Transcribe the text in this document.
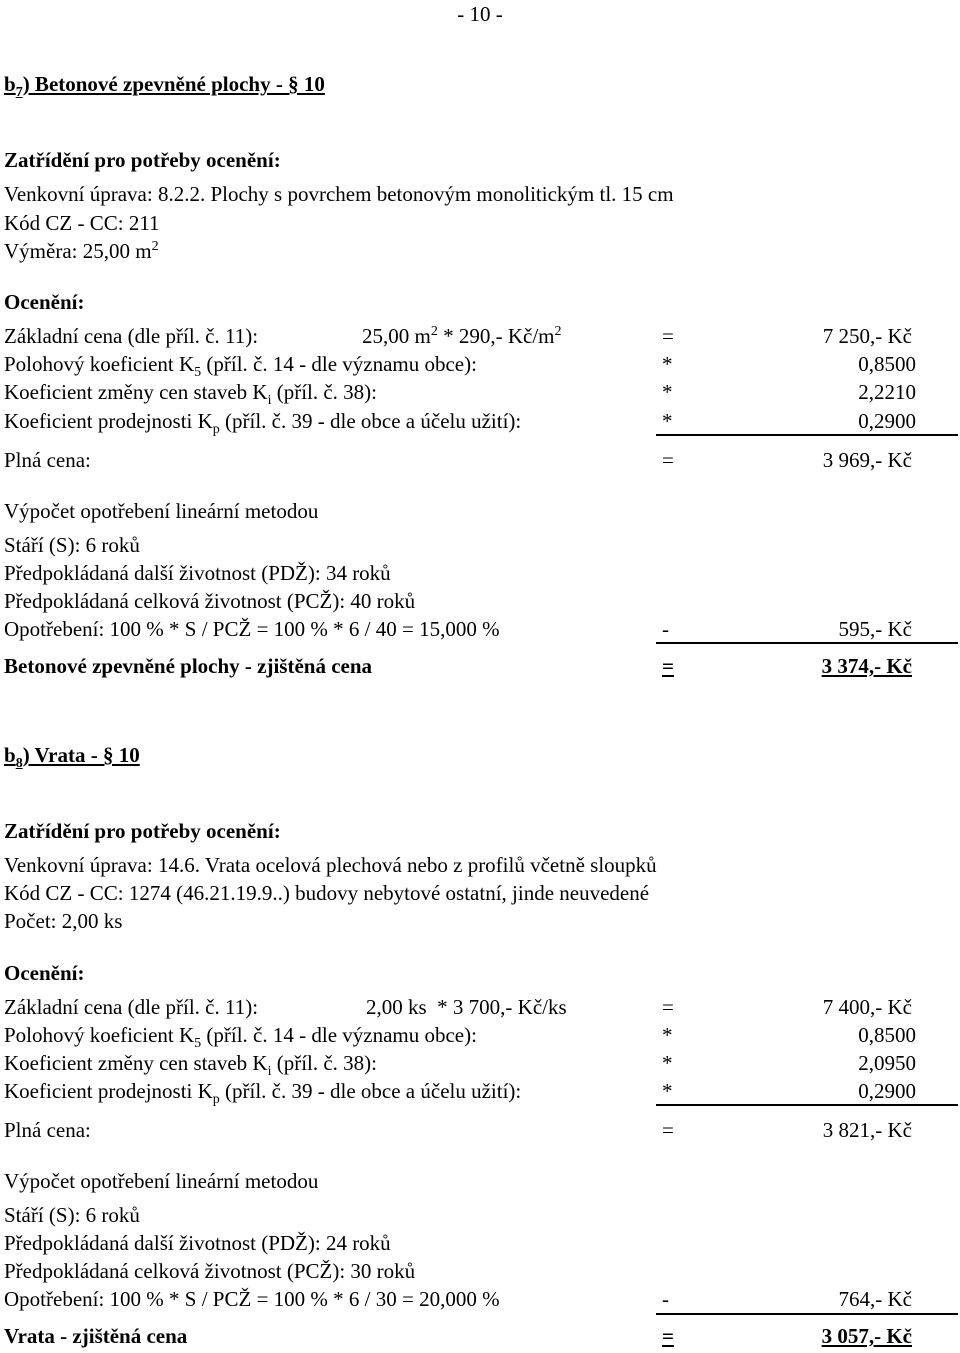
- 10 -
$b_7$) Betonové zpevněné plochy - § 10
Zatřídění pro potřeby ocenění:
Venkovní úprava: 8.2.2. Plochy s povrchem betonovým monolitickým tl. 15 cm
Kód CZ - CC: 211
Výměra: 25,00 $m^2$
Ocenění:
Základní cena (dle příl. č. 11):	25,00 $m^2 * 290,-$ $Kč/m^2$	=	7 250,- Kč
Polohový koeficient $K_5$ (příl. č. 14 - dle významu obce):	*	0,8500
Koeficient změny cen staveb $K_i$ (příl. č. 38):	*	2,2210
Koeficient prodejnosti $K_p$ (příl. č. 39 - dle obce a účelu užití):	*	0,2900
Plná cena:	=	3 969,- Kč
Výpočet opotřebení lineární metodou
Stáří (S): 6 roků
Předpokládaná další životnost (PDŽ): 34 roků
Předpokládaná celková životnost (PCŽ): 40 roků
Opotřebení: 100 % * S / PCŽ = 100 % * 6 / 40 = 15,000 %	-	595,- Kč
Betonové zpevněné plochy - zjištěná cena	=	3 374,- Kč
$b_8$) Vrata - § 10
Zatřídění pro potřeby ocenění:
Venkovní úprava: 14.6. Vrata ocelová plechová nebo z profilů včetně sloupků
Kód CZ - CC: 1274 (46.21.19.9..) budovy nebytové ostatní, jinde neuvedené
Počet: 2,00 ks
Ocenění:
Základní cena (dle příl. č. 11):	2,00 ks  * 3 700,- Kč/ks	=	7 400,- Kč
Polohový koeficient $K_5$ (příl. č. 14 - dle významu obce):	*	0,8500
Koeficient změny cen staveb $K_i$ (příl. č. 38):	*	2,0950
Koeficient prodejnosti $K_p$ (příl. č. 39 - dle obce a účelu užití):	*	0,2900
Plná cena:	=	3 821,- Kč
Výpočet opotřebení lineární metodou
Stáří (S): 6 roků
Předpokládaná další životnost (PDŽ): 24 roků
Předpokládaná celková životnost (PCŽ): 30 roků
Opotřebení: 100 % * S / PCŽ = 100 % * 6 / 30 = 20,000 %	-	764,- Kč
Vrata - zjištěná cena	=	3 057,- Kč
